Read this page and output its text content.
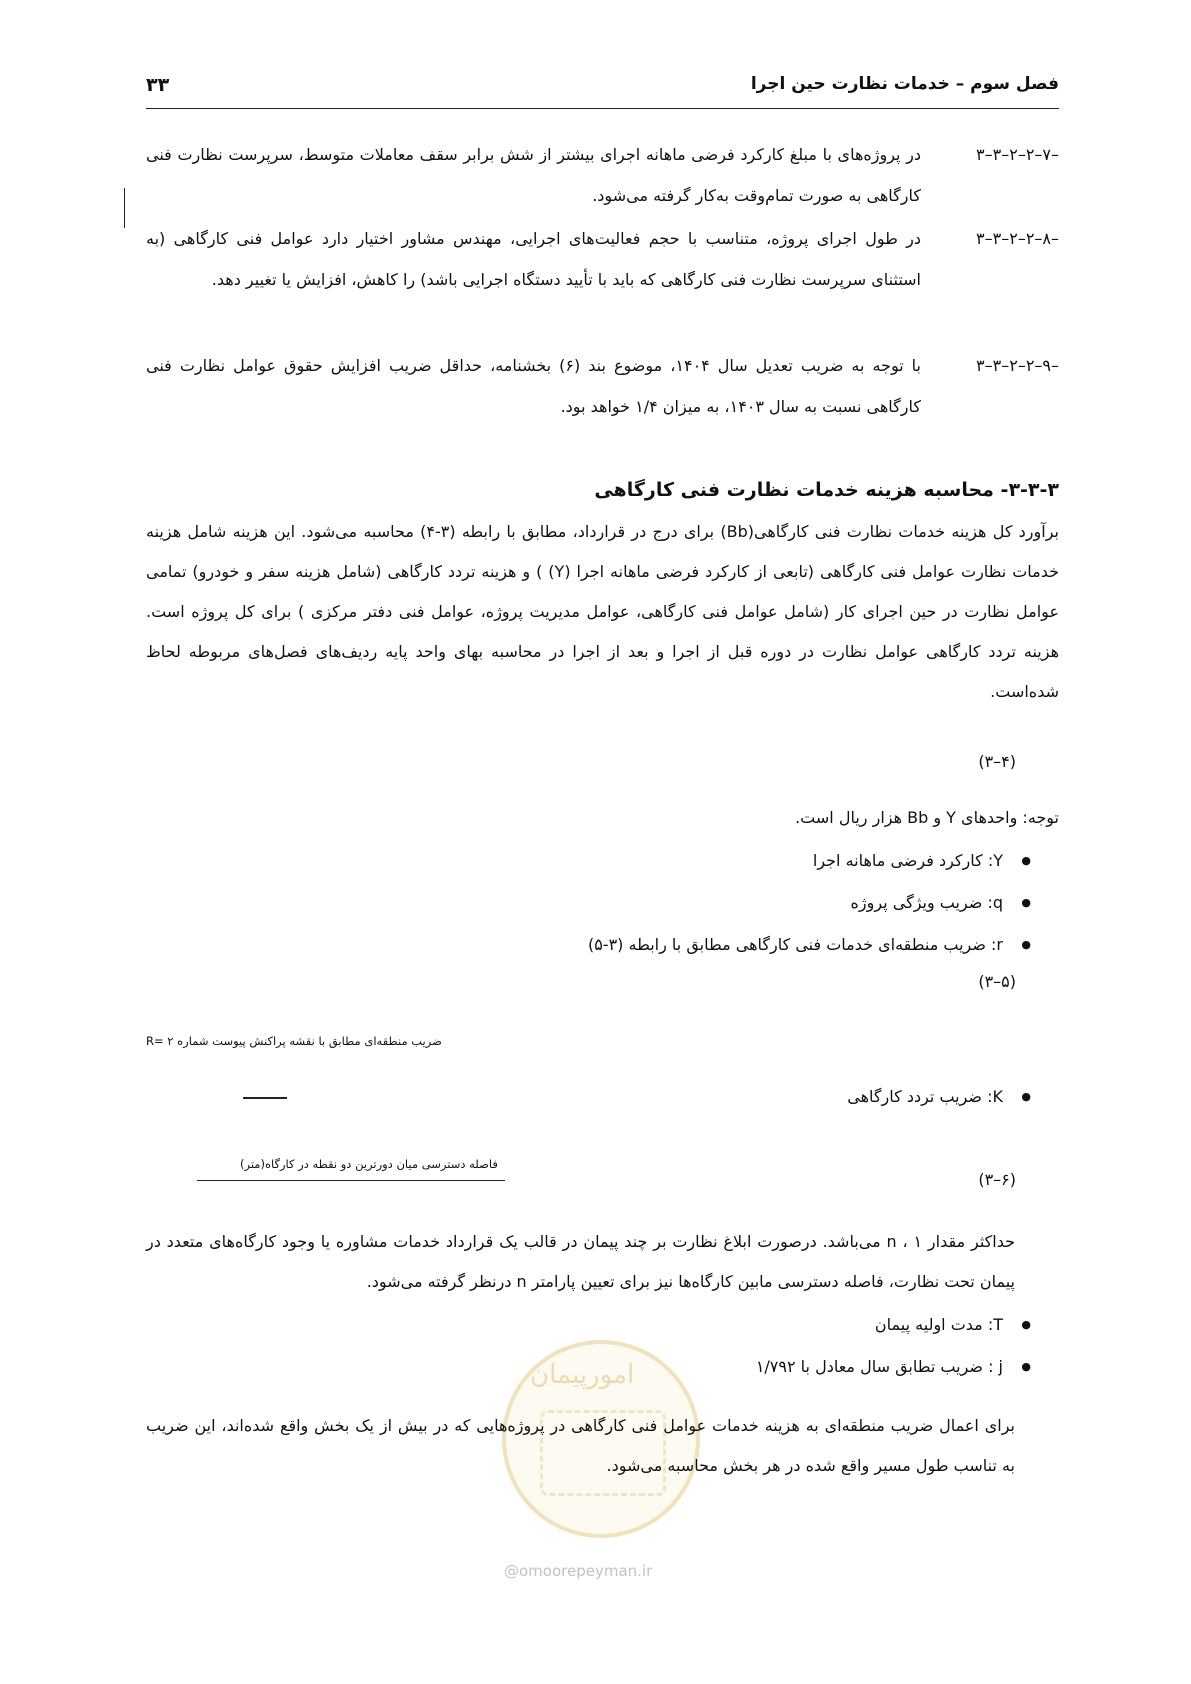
فصل سوم – خدمات نظارت حین اجرا
۳۳
۳–۳–۲–۲–۷–
در پروژه‌های با مبلغ کارکرد فرضی ماهانه اجرای بیشتر از شش برابر سقف معاملات متوسط، سرپرست نظارت فنی کارگاهی به صورت تمام‌وقت به‌کار گرفته می‌شود.
۳–۳–۲–۲–۸–
در طول اجرای پروژه، متناسب با حجم فعالیت‌های اجرایی، مهندس مشاور اختیار دارد عوامل فنی کارگاهی (به استثنای سرپرست نظارت فنی کارگاهی که باید با تأیید دستگاه اجرایی باشد) را کاهش، افزایش یا تغییر دهد.
۳–۳–۲–۲–۹–
با توجه به ضریب تعدیل سال ۱۴۰۴، موضوع بند (۶) بخشنامه، حداقل ضریب افزایش حقوق عوامل نظارت فنی کارگاهی نسبت به سال ۱۴۰۳، به میزان ۱/۴ خواهد بود.
۳-۳-۳- محاسبه هزینه خدمات نظارت فنی کارگاهی
برآورد کل هزینه خدمات نظارت فنی کارگاهی(Bb) برای درج در قرارداد، مطابق با رابطه (۳-۴) محاسبه می‌شود. این هزینه شامل هزینه خدمات نظارت عوامل فنی کارگاهی (تابعی از کارکرد فرضی ماهانه اجرا (Y) ) و هزینه تردد کارگاهی (شامل هزینه سفر و خودرو) تمامی عوامل نظارت در حین اجرای کار (شامل عوامل فنی کارگاهی، عوامل مدیریت پروژه، عوامل فنی دفتر مرکزی ) برای کل پروژه است. هزینه تردد کارگاهی عوامل نظارت در دوره قبل از اجرا و بعد از اجرا در محاسبه بهای واحد پایه ردیف‌های فصل‌های مربوطه لحاظ شده‌است.
(۴–۳)
توجه: واحدهای Y و Bb هزار ریال است.
● Y: کارکرد فرضی ماهانه اجرا
● q: ضریب ویژگی پروژه
● r: ضریب منطقه‌ای خدمات فنی کارگاهی مطابق با رابطه (۳-۵)
(۵–۳)
ضریب منطقه‌ای مطابق با نقشه پراکنش پیوست شماره ۲ =R
● K: ضریب تردد کارگاهی
فاصله دسترسی میان دورترین دو نقطه در کارگاه(متر)
(۶–۳)
حداکثر مقدار n ، ۱ می‌باشد. درصورت ابلاغ نظارت بر چند پیمان در قالب یک قرارداد خدمات مشاوره یا وجود کارگاه‌های متعدد در پیمان تحت نظارت، فاصله دسترسی مابین کارگاه‌ها نیز برای تعیین پارامتر n درنظر گرفته می‌شود.
● T: مدت اولیه پیمان
● j : ضریب تطابق سال معادل با ۱/۷۹۲
امورپیمان
برای اعمال ضریب منطقه‌ای به هزینه خدمات عوامل فنی کارگاهی در پروژه‌هایی که در بیش از یک بخش واقع شده‌اند، این ضریب به تناسب طول مسیر واقع شده در هر بخش محاسبه می‌شود.
@omoorepeyman.ir
